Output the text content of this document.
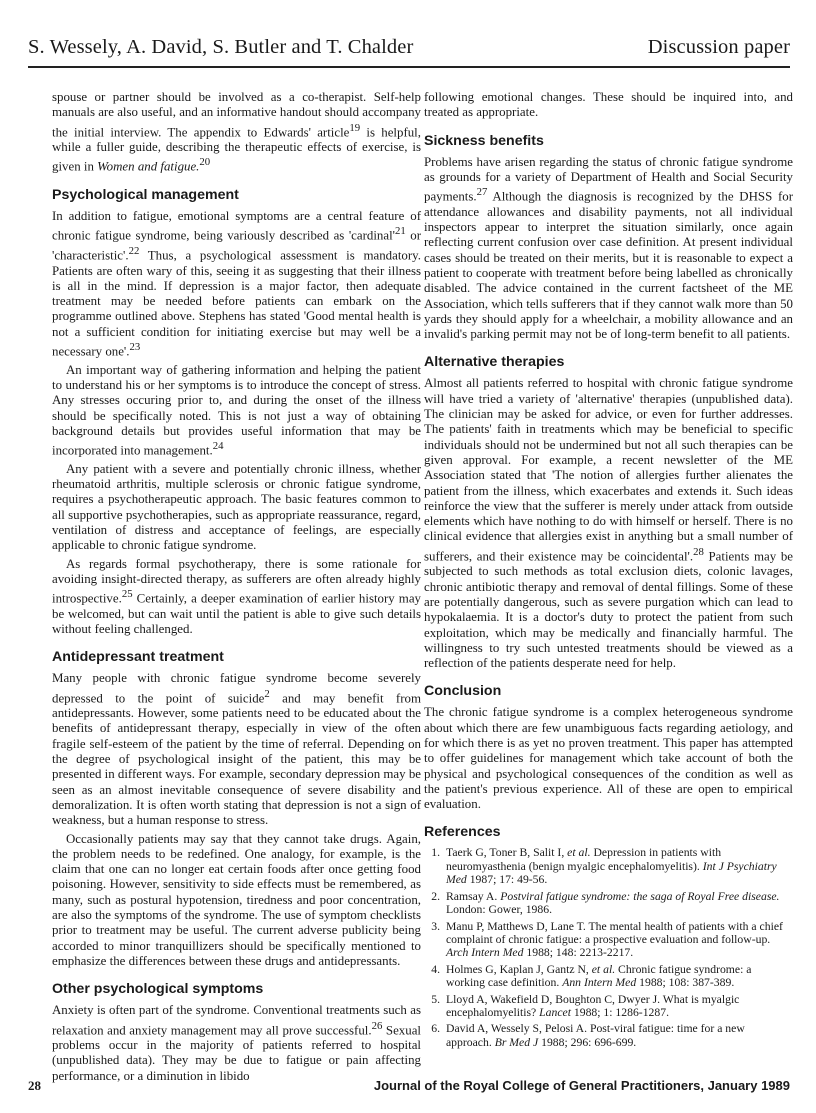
S. Wessely, A. David, S. Butler and T. Chalder	Discussion paper

spouse or partner should be involved as a co-therapist. Self-help manuals are also useful, and an informative handout should accompany the initial interview. The appendix to Edwards' article$^{19}$ is helpful, while a fuller guide, describing the therapeutic effects of exercise, is given in Women and fatigue.$^{20}$

Psychological management

In addition to fatigue, emotional symptoms are a central feature of chronic fatigue syndrome, being variously described as '$cardinal'^{21}$ or 'characteristic'.$^{22}$ Thus, a psychological assessment is mandatory. Patients are often wary of this, seeing it as suggesting that their illness is all in the mind. If depression is a major factor, then adequate treatment may be needed before patients can embark on the programme outlined above. Stephens has stated 'Good mental health is not a sufficient condition for initiating exercise but may well be a necessary one'.$^{23}$

An important way of gathering information and helping the patient to understand his or her symptoms is to introduce the concept of stress. Any stresses occuring prior to, and during the onset of the illness should be specifically noted. This is not just a way of obtaining background details but provides useful information that may be incorporated into management.$^{24}$

Any patient with a severe and potentially chronic illness, whether rheumatoid arthritis, multiple sclerosis or chronic fatigue syndrome, requires a psychotherapeutic approach. The basic features common to all supportive psychotherapies, such as appropriate reassurance, regard, ventilation of distress and acceptance of feelings, are especially applicable to chronic fatigue syndrome.

As regards formal psychotherapy, there is some rationale for avoiding insight-directed therapy, as sufferers are often already highly introspective.$^{25}$ Certainly, a deeper examination of earlier history may be welcomed, but can wait until the patient is able to give such details without feeling challenged.

Antidepressant treatment

Many people with chronic fatigue syndrome become severely depressed to the point of suicide$^2$ and may benefit from antidepressants. However, some patients need to be educated about the benefits of antidepressant therapy, especially in view of the often fragile self-esteem of the patient by the time of referral. Depending on the degree of psychological insight of the patient, this may be presented in different ways. For example, secondary depression may be seen as an almost inevitable consequence of severe disability and demoralization. It is often worth stating that depression is not a sign of weakness, but a human response to stress.

Occasionally patients may say that they cannot take drugs. Again, the problem needs to be redefined. One analogy, for example, is the claim that one can no longer eat certain foods after once getting food poisoning. However, sensitivity to side effects must be remembered, as many, such as postural hypotension, tiredness and poor concentration, are also the symptoms of the syndrome. The use of symptom checklists prior to treatment may be useful. The current adverse publicity being accorded to minor tranquillizers should be specifically mentioned to emphasize the differences between these drugs and antidepressants.

Other psychological symptoms

Anxiety is often part of the syndrome. Conventional treatments such as relaxation and anxiety management may all prove successful.$^{26}$ Sexual problems occur in the majority of patients referred to hospital (unpublished data). They may be due to fatigue or pain affecting performance, or a diminution in libido

following emotional changes. These should be inquired into, and treated as appropriate.

Sickness benefits

Problems have arisen regarding the status of chronic fatigue syndrome as grounds for a variety of Department of Health and Social Security payments.$^{27}$ Although the diagnosis is recognized by the DHSS for attendance allowances and disability payments, not all individual inspectors appear to interpret the situation similarly, once again reflecting current confusion over case definition. At present individual cases should be treated on their merits, but it is reasonable to expect a patient to cooperate with treatment before being labelled as chronically disabled. The advice contained in the current factsheet of the ME Association, which tells sufferers that if they cannot walk more than 50 yards they should apply for a wheelchair, a mobility allowance and an invalid's parking permit may not be of long-term benefit to all patients.

Alternative therapies

Almost all patients referred to hospital with chronic fatigue syndrome will have tried a variety of 'alternative' therapies (unpublished data). The clinician may be asked for advice, or even for further addresses. The patients' faith in treatments which may be beneficial to specific individuals should not be undermined but not all such therapies can be given approval. For example, a recent newsletter of the ME Association stated that 'The notion of allergies further alienates the patient from the illness, which exacerbates and extends it. Such ideas reinforce the view that the sufferer is merely under attack from outside elements which have nothing to do with himself or herself. There is no clinical evidence that allergies exist in anything but a small number of sufferers, and their existence may be coincidental'.$^{28}$ Patients may be subjected to such methods as total exclusion diets, colonic lavages, chronic antibiotic therapy and removal of dental fillings. Some of these are potentially dangerous, such as severe purgation which can lead to hypokalaemia. It is a doctor's duty to protect the patient from such exploitation, which may be medically and financially harmful. The willingness to try such untested treatments should be viewed as a reflection of the patients desperate need for help.

Conclusion

The chronic fatigue syndrome is a complex heterogeneous syndrome about which there are few unambiguous facts regarding aetiology, and for which there is as yet no proven treatment. This paper has attempted to offer guidelines for management which take account of both the physical and psychological consequences of the condition as well as the patient's previous experience. All of these are open to empirical evaluation.

References
1. Taerk G, Toner B, Salit I, et al. Depression in patients with neuromyasthenia (benign myalgic encephalomyelitis). Int J Psychiatry Med 1987; 17: 49-56.
2. Ramsay A. Postviral fatigue syndrome: the saga of Royal Free disease. London: Gower, 1986.
3. Manu P, Matthews D, Lane T. The mental health of patients with a chief complaint of chronic fatigue: a prospective evaluation and follow-up. Arch Intern Med 1988; 148: 2213-2217.
4. Holmes G, Kaplan J, Gantz N, et al. Chronic fatigue syndrome: a working case definition. Ann Intern Med 1988; 108: 387-389.
5. Lloyd A, Wakefield D, Boughton C, Dwyer J. What is myalgic encephalomyelitis? Lancet 1988; 1: 1286-1287.
6. David A, Wessely S, Pelosi A. Post-viral fatigue: time for a new approach. Br Med J 1988; 296: 696-699.
28	Journal of the Royal College of General Practitioners, January 1989
